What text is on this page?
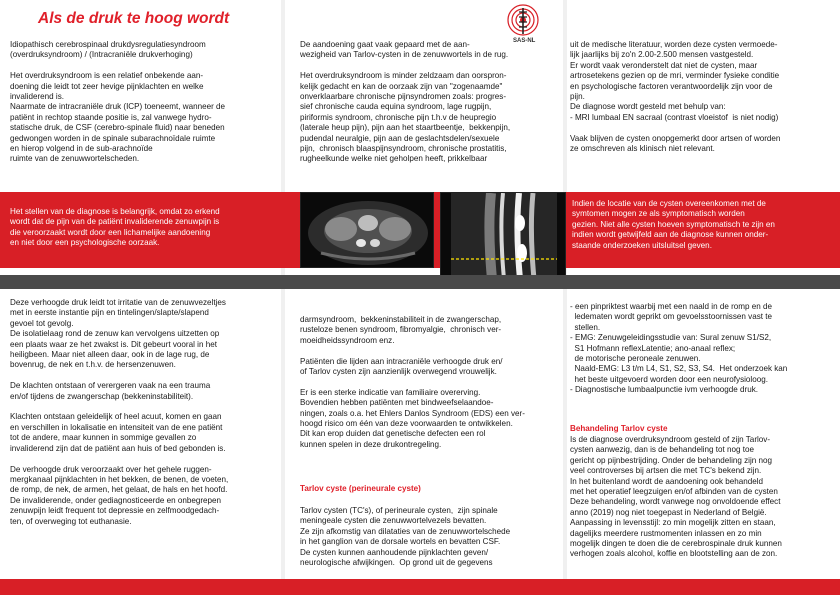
Als de druk te hoog wordt
SAS-NL
Idiopathisch cerebrospinaal drukdysregulatiesyndroom
(overdruksyndroom) / (Intracraniële drukverhoging)

Het overdruksyndroom is een relatief onbekende aan-
doening die leidt tot zeer hevige pijnklachten en welke
invaliderend is.
Naarmate de intracraniële druk (ICP) toeneemt, wanneer de
patiënt in rechtop staande positie is, zal vanwege hydro-
statische druk, de CSF (cerebro-spinale fluid) naar beneden
gedwongen worden in de spinale subarachnoïdale ruimte
en hierop volgend in de sub-arachnoïde
ruimte van de zenuwwortelscheden.
De aandoening gaat vaak gepaard met de aan-
wezigheid van Tarlov-cysten in de zenuwwortels in de rug.

Het overdruksyndroom is minder zeldzaam dan oorspron-
kelijk gedacht en kan de oorzaak zijn van "zogenaamde"
onverklaarbare chronische pijnsyndromen zoals: progres-
sief chronische cauda equina syndroom, lage rugpijn,
piriformis syndroom, chronische pijn t.h.v de heupregio
(laterale heup pijn), pijn aan het staartbeentje,  bekkenpijn,
pudendal neuralgie, pijn aan de geslachtsdelen/sexuele
pijn,  chronisch blaaspijnsyndroom, chronische prostatitis,
rugheelkunde welke niet geholpen heeft, prikkelbaar
uit de medische literatuur, worden deze cysten vermoede-
lijk jaarlijks bij zo'n 2.00-2.500 mensen vastgesteld.
Er wordt vaak veronderstelt dat niet de cysten, maar
artrosetekens gezien op de mri, verminder fysieke conditie
en psychologische factoren verantwoordelijk zijn voor de
pijn.
De diagnose wordt gesteld met behulp van:
- MRI lumbaal EN sacraal (contrast vloeistof  is niet nodig)

Vaak blijven de cysten onopgemerkt door artsen of worden
ze omschreven als klinisch niet relevant.
Het stellen van de diagnose is belangrijk, omdat zo erkend
wordt dat de pijn van de patiënt invaliderende zenuwpijn is
die veroorzaakt wordt door een lichamelijke aandoening
en niet door een psychologische oorzaak.
Indien de locatie van de cysten overeenkomen met de
symtomen mogen ze als symptomatisch worden
gezien. Niet alle cysten hoeven symptomatisch te zijn en
indien wordt getwijfeld aan de diagnose kunnen onder-
staande onderzoeken uitsluitsel geven.
Deze verhoogde druk leidt tot irritatie van de zenuwvezeltjes
met in eerste instantie pijn en tintelingen/slapte/slapend
gevoel tot gevolg.
De isolatielaag rond de zenuw kan vervolgens uitzetten op
een plaats waar ze het zwakst is. Dit gebeurt vooral in het
heiligbeen. Maar niet alleen daar, ook in de lage rug, de
bovenrug, de nek en t.h.v. de hersenzenuwen.

De klachten ontstaan of verergeren vaak na een trauma
en/of tijdens de zwangerschap (bekkeninstabiliteit).

Klachten ontstaan geleidelijk of heel acuut, komen en gaan
en verschillen in lokalisatie en intensiteit van de ene patiënt
tot de andere, maar kunnen in sommige gevallen zo
invaliderend zijn dat de patiënt aan huis of bed gebonden is.

De verhoogde druk veroorzaakt over het gehele ruggen-
mergkanaal pijnklachten in het bekken, de benen, de voeten,
de romp, de nek, de armen, het gelaat, de hals en het hoofd.
De invaliderende, onder gediagnosticeerde en onbegrepen
zenuwpijn leidt frequent tot depressie en zelfmoodgedach-
ten, of overweging tot euthanasie.
darmsyndroom,  bekkeninstabiliteit in de zwangerschap,
rusteloze benen syndroom, fibromyalgie,  chronisch ver-
moeidheidssyndroom enz.

Patiënten die lijden aan intracraniële verhoogde druk en/
of Tarlov cysten zijn aanzienlijk overwegend vrouwelijk.

Er is een sterke indicatie van familiaire overerving.
Bovendien hebben patiënten met bindweefselaandoe-
ningen, zoals o.a. het Ehlers Danlos Syndroom (EDS) een ver-
hoogd risico om één van deze voorwaarden te ontwikkelen.
Dit kan erop duiden dat genetische defecten een rol
kunnen spelen in deze drukontregeling.
Tarlov cyste (perineurale cyste)
Tarlov cysten (TC's), of perineurale cysten,  zijn spinale
meningeale cysten die zenuwwortelvezels bevatten.
Ze zijn afkomstig van dilataties van de zenuwwortelschede
in het ganglion van de dorsale wortels en bevatten CSF.
De cysten kunnen aanhoudende pijnklachten geven/
neurologische afwijkingen.  Op grond uit de gegevens
- een pinpriktest waarbij met een naald in de romp en de
ledematen wordt geprikt om gevoelsstoornissen vast te
stellen.
- EMG: Zenuwgeleidingsstudie van: Sural zenuw S1/S2,
S1 Hofmann reflexLatentie; ano-anaal reflex;
de motorische peroneale zenuwen.
Naald-EMG: L3 t/m L4, S1, S2, S3, S4.  Het onderzoek kan
het beste uitgevoerd worden door een neurofysioloog.
- Diagnostische lumbaalpunctie ivm verhoogde druk.
Behandeling Tarlov cyste
Is de diagnose overdruksyndroom gesteld of zijn Tarlov-
cysten aanwezig, dan is de behandeling tot nog toe
gericht op pijnbestrijding. Onder de behandeling zijn nog
veel controverses bij artsen die met TC's bekend zijn.
In het buitenland wordt de aandoening ook behandeld
met het operatief leegzuigen en/of afbinden van de cysten
Deze behandeling, wordt vanwege nog onvoldoende effect
anno (2019) nog niet toegepast in Nederland of België.
Aanpassing in levensstijl: zo min mogelijk zitten en staan,
dagelijks meerdere rustmomenten inlassen en zo min
mogelijk dingen te doen die de cerebrospinale druk kunnen
verhogen zoals alcohol, koffie en blootstelling aan de zon.
